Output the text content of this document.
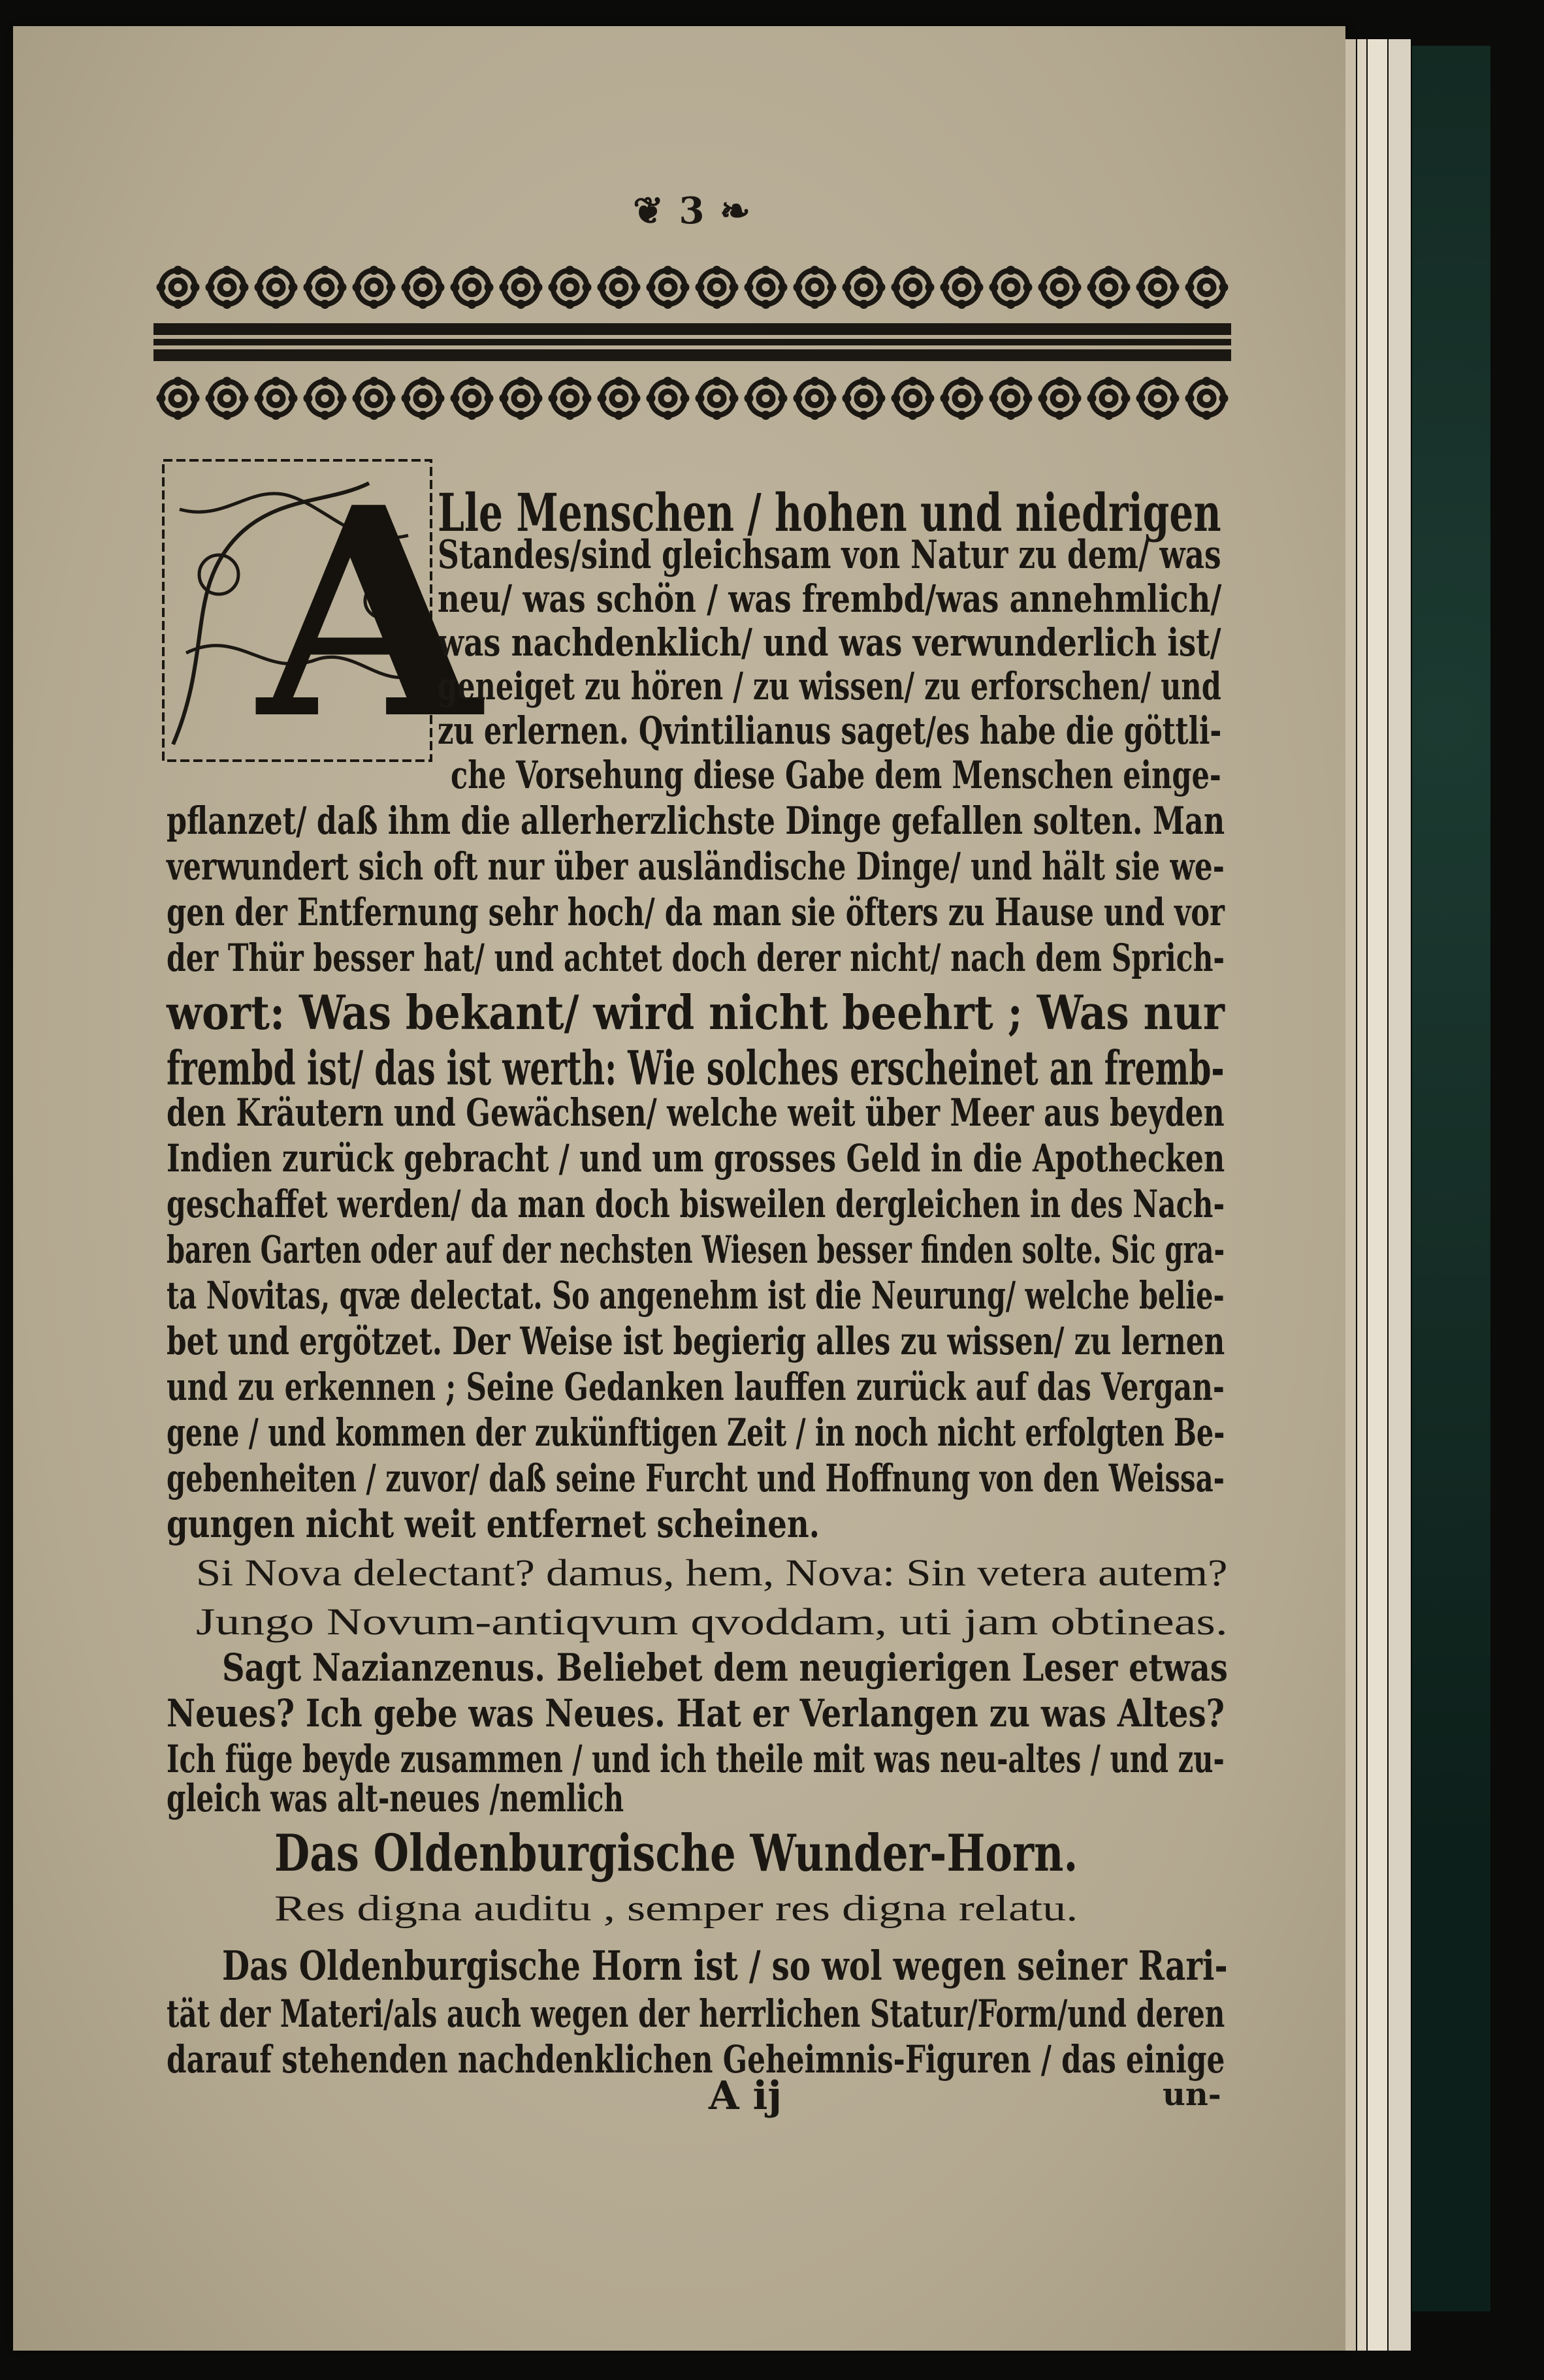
❦ 3 ❧
A
Lle Menschen / hohen und niedrigen
Standes/sind gleichsam von Natur zu dem/ was
neu/ was schön / was frembd/was annehmlich/
was nachdenklich/ und was verwunderlich ist/
geneiget zu hören / zu wissen/ zu erforschen/ und
zu erlernen. Qvintilianus saget/es habe die göttli-
che Vorsehung diese Gabe dem Menschen einge-
pflanzet/ daß ihm die allerherzlichste Dinge gefallen solten. Man
verwundert sich oft nur über ausländische Dinge/ und hält sie we-
gen der Entfernung sehr hoch/ da man sie öfters zu Hause und vor
der Thür besser hat/ und achtet doch derer nicht/ nach dem Sprich-
wort: Was bekant/ wird nicht beehrt ; Was nur
frembd ist/ das ist werth: Wie solches erscheinet an fremb-
den Kräutern und Gewächsen/ welche weit über Meer aus beyden
Indien zurück gebracht / und um grosses Geld in die Apothecken
geschaffet werden/ da man doch bisweilen dergleichen in des Nach-
baren Garten oder auf der nechsten Wiesen besser finden solte. Sic gra-
ta Novitas, qvæ delectat. So angenehm ist die Neurung/ welche belie-
bet und ergötzet. Der Weise ist begierig alles zu wissen/ zu lernen
und zu erkennen ; Seine Gedanken lauffen zurück auf das Vergan-
gene / und kommen der zukünftigen Zeit / in noch nicht erfolgten Be-
gebenheiten / zuvor/ daß seine Furcht und Hoffnung von den Weissa-
gungen nicht weit entfernet scheinen.
Si Nova delectant? damus, hem, Nova: Sin vetera autem?
Jungo Novum-antiqvum qvoddam, uti jam obtineas.
Sagt Nazianzenus. Beliebet dem neugierigen Leser etwas
Neues? Ich gebe was Neues. Hat er Verlangen zu was Altes?
Ich füge beyde zusammen / und ich theile mit was neu-altes / und zu-
gleich was alt-neues /nemlich
Das Oldenburgische Wunder-Horn.
Res digna auditu , semper res digna relatu.
Das Oldenburgische Horn ist / so wol wegen seiner Rari-
tät der Materi/als auch wegen der herrlichen Statur/Form/und deren
darauf stehenden nachdenklichen Geheimnis-Figuren / das einige
A ij	un-
